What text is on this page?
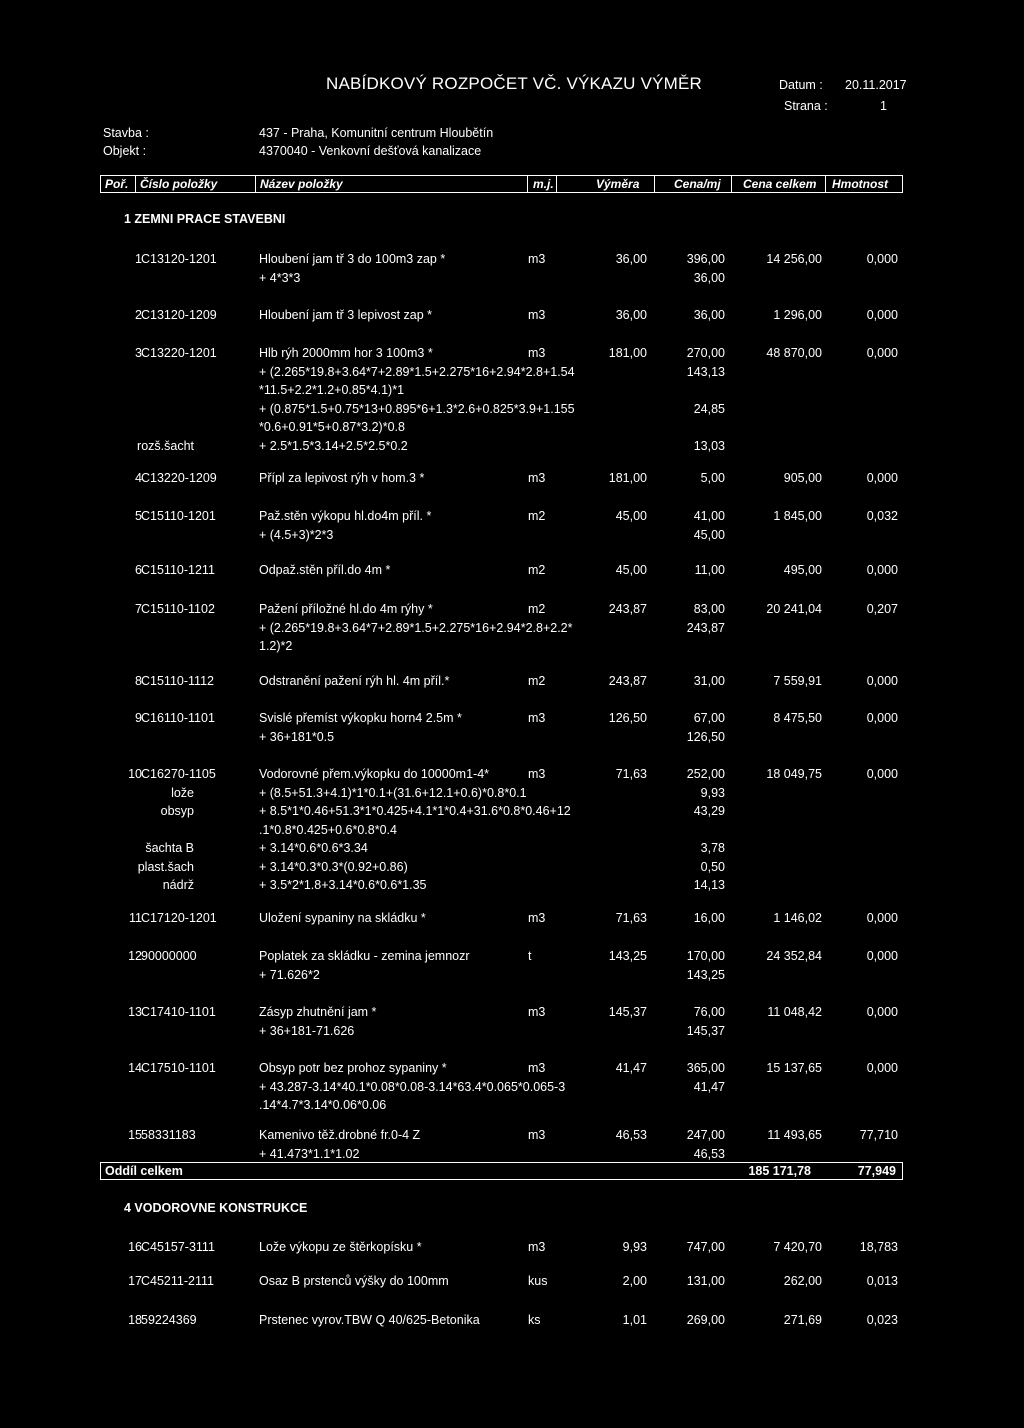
NABÍDKOVÝ ROZPOČET VČ. VÝKAZU VÝMĚR	Datum : 20.11.2017
Strana :	1
Stavba :	437 - Praha, Komunitní centrum Hloubětín
Objekt :	4370040 - Venkovní dešťová kanalizace
Poř. Číslo položky	Název položky	m.j.	Výměra	Cena/mj Cena celkem Hmotnost
1 ZEMNI PRACE STAVEBNI
1 C13120-1201	Hloubení jam tř 3 do 100m3 zap *	m3	36,00	396,00	14 256,00	0,000
+ 4*3*3	36,00
2 C13120-1209	Hloubení jam tř 3 lepivost zap *	m3	36,00	36,00	1 296,00	0,000
3 C13220-1201	Hlb rýh 2000mm hor 3 100m3 *	m3	181,00	270,00	48 870,00	0,000
+ (2.265*19.8+3.64*7+2.89*1.5+2.275*16+2.94*2.8+1.54	143,13
*11.5+2.2*1.2+0.85*4.1)*1
+ (0.875*1.5+0.75*13+0.895*6+1.3*2.6+0.825*3.9+1.155	24,85
*0.6+0.91*5+0.87*3.2)*0.8
rozš.šacht	+ 2.5*1.5*3.14+2.5*2.5*0.2	13,03
4 C13220-1209	Přípl za lepivost rýh v hom.3 *	m3	181,00	5,00	905,00	0,000
5 C15110-1201	Paž.stěn výkopu hl.do4m příl. *	m2	45,00	41,00	1 845,00	0,032
+ (4.5+3)*2*3	45,00
6 C15110-1211	Odpaž.stěn příl.do 4m *	m2	45,00	11,00	495,00	0,000
7 C15110-1102	Pažení příložné hl.do 4m rýhy *	m2	243,87	83,00	20 241,04	0,207
+ (2.265*19.8+3.64*7+2.89*1.5+2.275*16+2.94*2.8+2.2*	243,87
1.2)*2
8 C15110-1112	Odstranění pažení rýh hl. 4m příl.*	m2	243,87	31,00	7 559,91	0,000
9 C16110-1101	Svislé přemíst výkopku horn4 2.5m *	m3	126,50	67,00	8 475,50	0,000
+ 36+181*0.5	126,50
10 C16270-1105	Vodorovné přem.výkopku do 10000m1-4*	m3	71,63	252,00	18 049,75	0,000
lože	+ (8.5+51.3+4.1)*1*0.1+(31.6+12.1+0.6)*0.8*0.1	9,93
obsyp	+ 8.5*1*0.46+51.3*1*0.425+4.1*1*0.4+31.6*0.8*0.46+12	43,29
.1*0.8*0.425+0.6*0.8*0.4
šachta B	+ 3.14*0.6*0.6*3.34	3,78
plast.šach	+ 3.14*0.3*0.3*(0.92+0.86)	0,50
nádrž	+ 3.5*2*1.8+3.14*0.6*0.6*1.35	14,13
11 C17120-1201	Uložení sypaniny na skládku *	m3	71,63	16,00	1 146,02	0,000
12 90000000	Poplatek za skládku - zemina jemnozr	t	143,25	170,00	24 352,84	0,000
+ 71.626*2	143,25
13 C17410-1101	Zásyp zhutnění jam *	m3	145,37	76,00	11 048,42	0,000
+ 36+181-71.626	145,37
14 C17510-1101	Obsyp potr bez prohoz sypaniny *	m3	41,47	365,00	15 137,65	0,000
+ 43.287-3.14*40.1*0.08*0.08-3.14*63.4*0.065*0.065-3	41,47
.14*4.7*3.14*0.06*0.06
15 58331183	Kamenivo těž.drobné fr.0-4 Z	m3	46,53	247,00	11 493,65	77,710
+ 41.473*1.1*1.02	46,53
Oddíl celkem	185 171,78	77,949
4 VODOROVNE KONSTRUKCE
16 C45157-3111	Lože výkopu ze štěrkopísku *	m3	9,93	747,00	7 420,70	18,783
17 C45211-2111	Osaz B prstenců výšky do 100mm	kus	2,00	131,00	262,00	0,013
18 59224369	Prstenec vyrov.TBW Q 40/625-Betonika	ks	1,01	269,00	271,69	0,023
